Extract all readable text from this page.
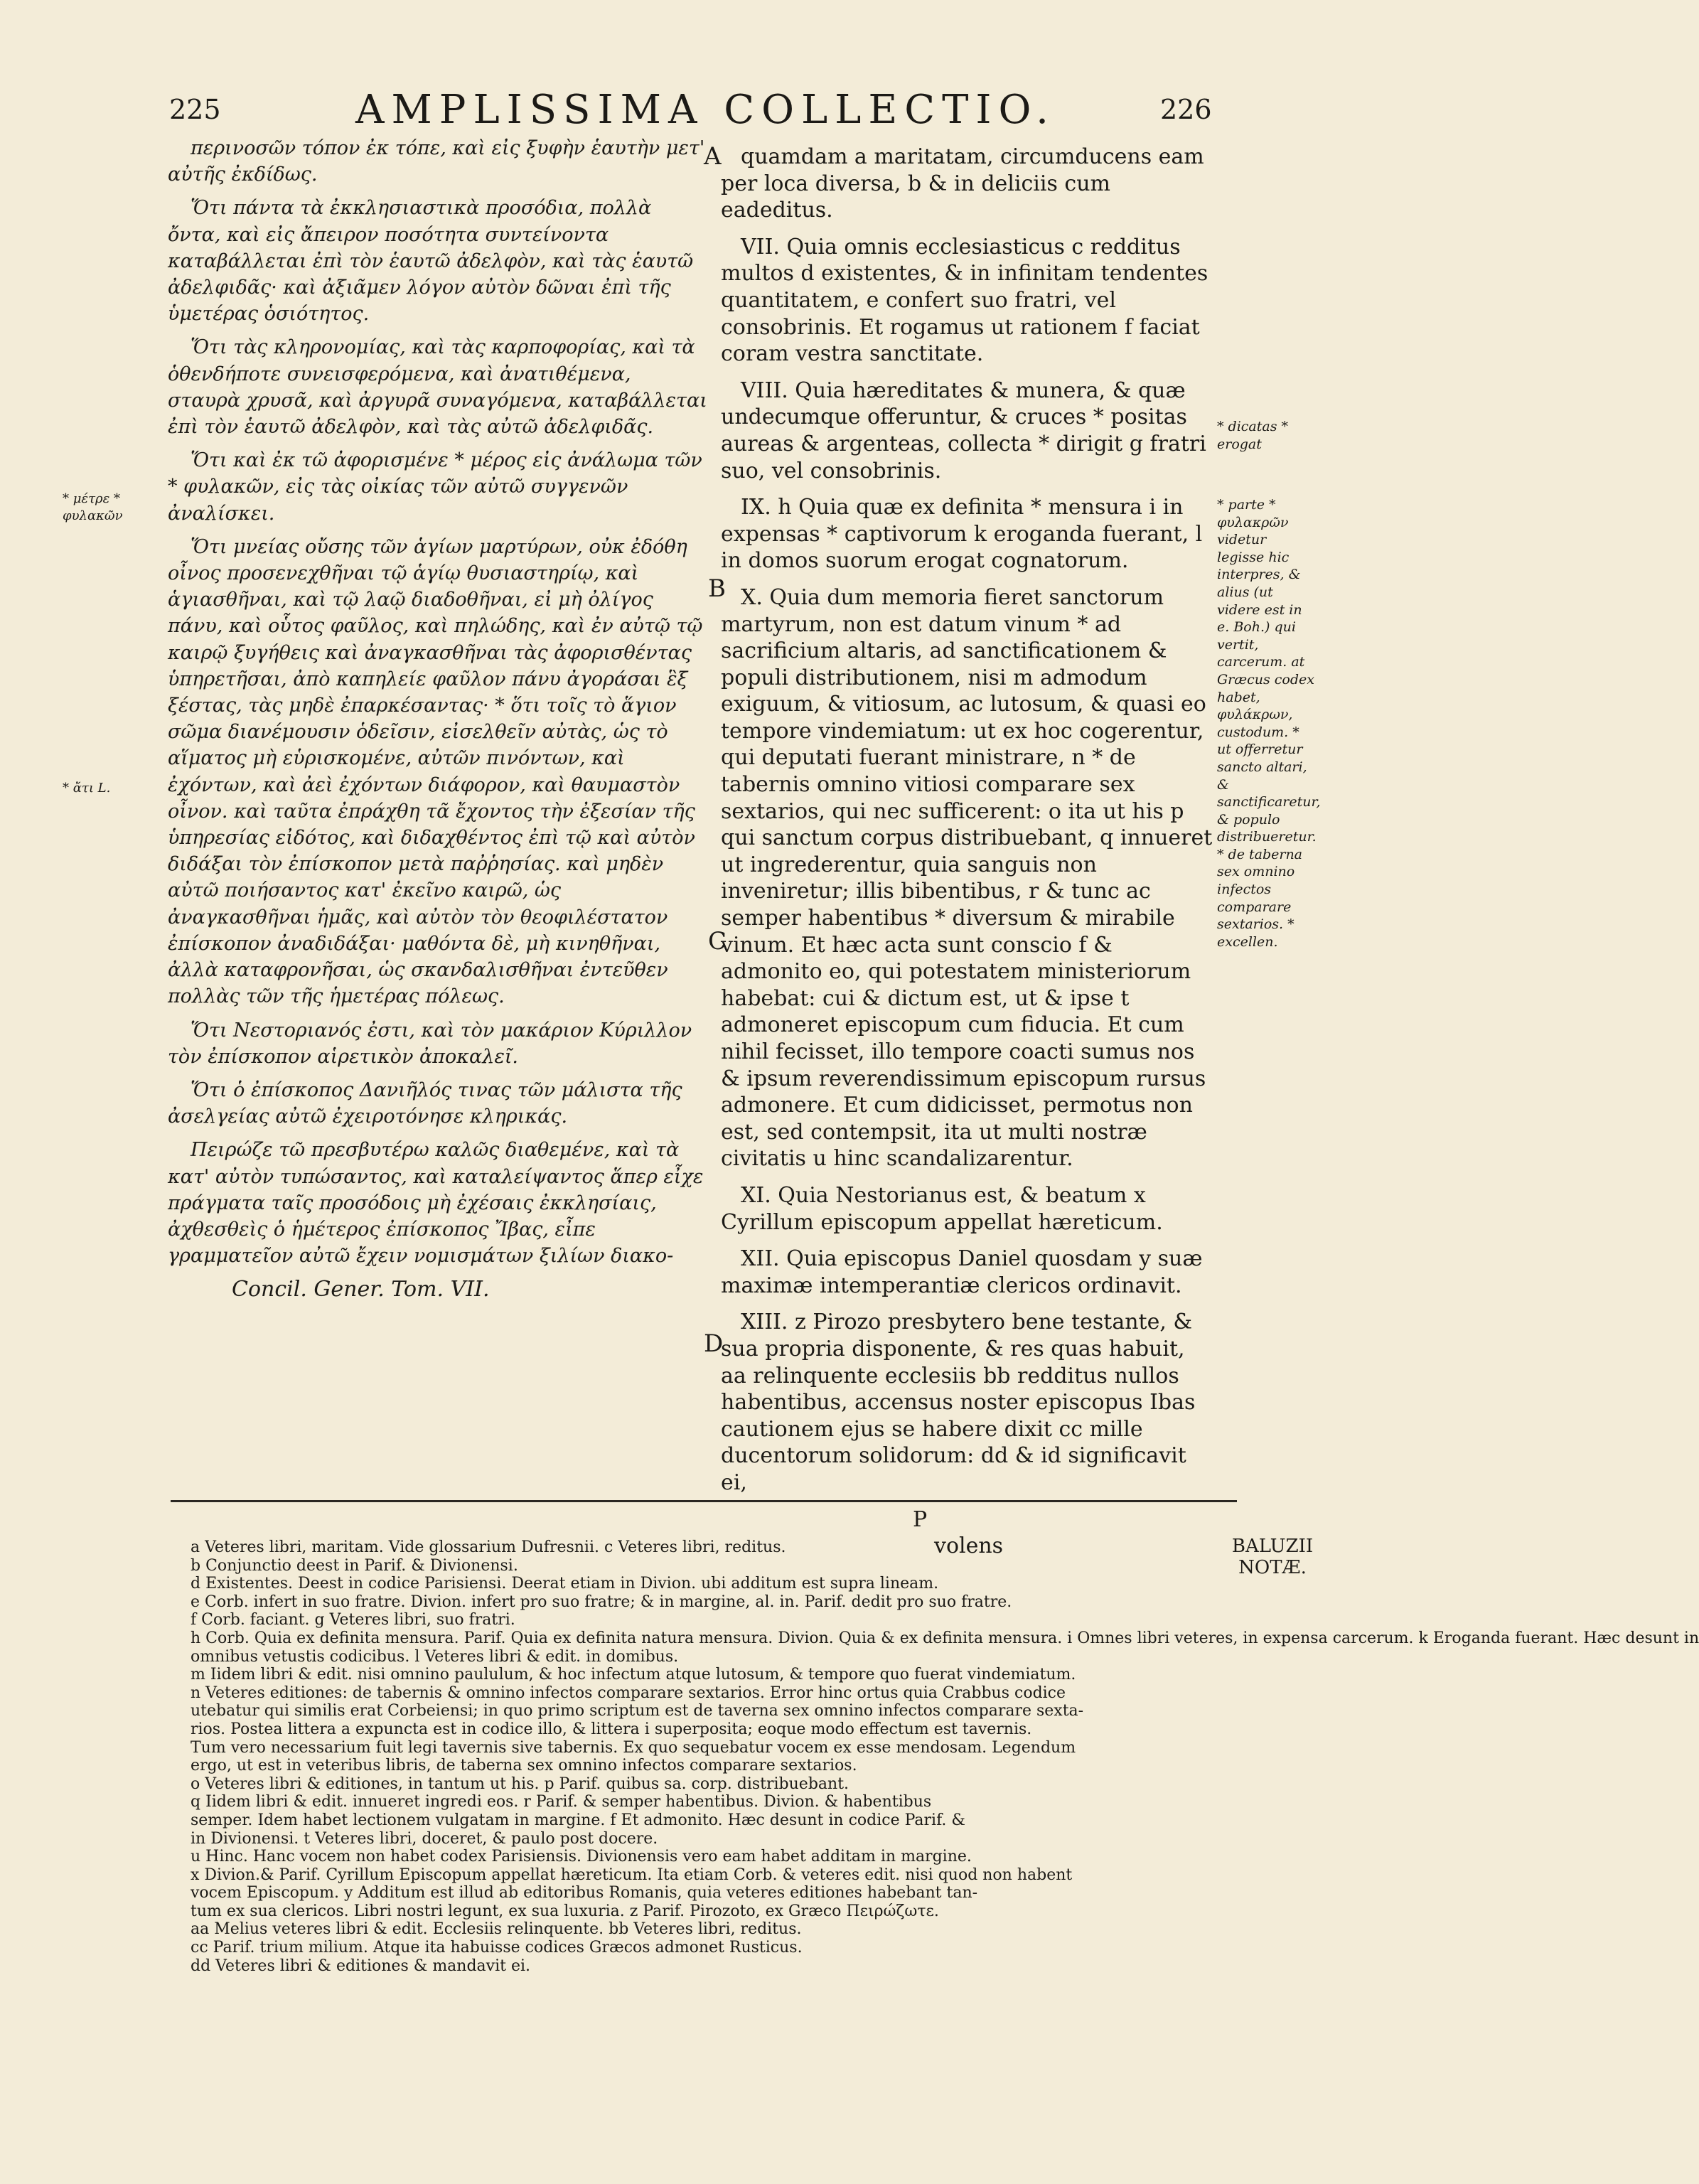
225	AMPLISSIMA COLLECTIO.	226
* μέτρε * φυλακῶν
* ἄτι L.

περινοσῶν τόπον ἐκ τόπε, καὶ εἰς ξυφὴν ἑαυτὴν μετ' αὐτῆς ἐκδίδως.

Ὅτι πάντα τὰ ἐκκλησιαστικὰ προσόδια, πολλὰ ὄντα, καὶ εἰς ἄπειρον ποσότητα συντείνοντα καταβάλλεται ἐπὶ τὸν ἑαυτῶ ἀδελφὸν, καὶ τὰς ἑαυτῶ ἀδελφιδᾶς· καὶ ἀξιᾶμεν λόγον αὐτὸν δῶναι ἐπὶ τῆς ὑμετέρας ὁσιότητος.

Ὅτι τὰς κληρονομίας, καὶ τὰς καρποφορίας, καὶ τὰ ὁθενδήποτε συνεισφερόμενα, καὶ ἀνατιθέμενα, σταυρὰ χρυσᾶ, καὶ ἀργυρᾶ συναγόμενα, καταβάλλεται ἐπὶ τὸν ἑαυτῶ ἀδελφὸν, καὶ τὰς αὐτῶ ἀδελφιδᾶς.

Ὅτι καὶ ἐκ τῶ ἀφορισμένε * μέρος εἰς ἀνάλωμα τῶν * φυλακῶν, εἰς τὰς οἰκίας τῶν αὐτῶ συγγενῶν ἀναλίσκει.

Ὅτι μνείας οὔσης τῶν ἁγίων μαρτύρων, οὐκ ἐδόθη οἶνος προσενεχθῆναι τῷ ἁγίῳ θυσιαστηρίῳ, καὶ ἁγιασθῆναι, καὶ τῷ λαῷ διαδοθῆναι, εἰ μὴ ὀλίγος πάνυ, καὶ οὗτος φαῦλος, καὶ πηλώδης, καὶ ἐν αὐτῷ τῷ καιρῷ ξυγήθεις καὶ ἀναγκασθῆναι τὰς ἀφορισθέντας ὑπηρετῆσαι, ἀπὸ καπηλείε φαῦλον πάνυ ἀγοράσαι ἓξ ξέστας, τὰς μηδὲ ἐπαρκέσαντας· * ὅτι τοῖς τὸ ἅγιον σῶμα διανέμουσιν ὁδεῖσιν, εἰσελθεῖν αὐτὰς, ὡς τὸ αἵματος μὴ εὑρισκομένε, αὐτῶν πινόντων, καὶ ἐχόντων, καὶ ἀεὶ ἐχόντων διάφορον, καὶ θαυμαστὸν οἶνον. καὶ ταῦτα ἐπράχθη τᾶ ἔχοντος τὴν ἐξεσίαν τῆς ὑπηρεσίας εἰδότος, καὶ διδαχθέντος ἐπὶ τῷ καὶ αὐτὸν διδάξαι τὸν ἐπίσκοπον μετὰ παῤῥησίας. καὶ μηδὲν αὐτῶ ποιήσαντος κατ' ἐκεῖνο καιρῶ, ὡς ἀναγκασθῆναι ἡμᾶς, καὶ αὐτὸν τὸν θεοφιλέστατον ἐπίσκοπον ἀναδιδάξαι· μαθόντα δὲ, μὴ κινηθῆναι, ἀλλὰ καταφρονῆσαι, ὡς σκανδαλισθῆναι ἐντεῦθεν πολλὰς τῶν τῆς ἡμετέρας πόλεως.

Ὅτι Νεστοριανός ἐστι, καὶ τὸν μακάριον Κύριλλον τὸν ἐπίσκοπον αἱρετικὸν ἀποκαλεῖ.

Ὅτι ὁ ἐπίσκοπος Δανιῆλός τινας τῶν μάλιστα τῆς ἀσελγείας αὐτῶ ἐχειροτόνησε κληρικάς.

Πειρώζε τῶ πρεσβυτέρω καλῶς διαθεμένε, καὶ τὰ κατ' αὐτὸν τυπώσαντος, καὶ καταλείψαντος ἅπερ εἶχε πράγματα ταῖς προσόδοις μὴ ἐχέσαις ἐκκλησίαις, ἀχθεσθεὶς ὁ ἡμέτερος ἐπίσκοπος Ἴβας, εἶπε γραμματεῖον αὐτῶ ἔχειν νομισμάτων ξιλίων διακο-

Concil. Gener. Tom. VII.
A
B
C
D

quamdam a maritatam, circumducens eam per loca diversa, b & in deliciis cum eadeditus.

VII. Quia omnis ecclesiasticus c redditus multos d existentes, & in infinitam tendentes quantitatem, e confert suo fratri, vel consobrinis. Et rogamus ut rationem f faciat coram vestra sanctitate.

VIII. Quia hæreditates & munera, & quæ undecumque offeruntur, & cruces * positas aureas & argenteas, collecta * dirigit g fratri suo, vel consobrinis.

IX. h Quia quæ ex definita * mensura i in expensas * captivorum k eroganda fuerant, l in domos suorum erogat cognatorum.

X. Quia dum memoria fieret sanctorum martyrum, non est datum vinum * ad sacrificium altaris, ad sanctificationem & populi distributionem, nisi m admodum exiguum, & vitiosum, ac lutosum, & quasi eo tempore vindemiatum: ut ex hoc cogerentur, qui deputati fuerant ministrare, n * de tabernis omnino vitiosi comparare sex sextarios, qui nec sufficerent: o ita ut his p qui sanctum corpus distribuebant, q innueret ut ingrederentur, quia sanguis non inveniretur; illis bibentibus, r & tunc ac semper habentibus * diversum & mirabile vinum. Et hæc acta sunt conscio f & admonito eo, qui potestatem ministeriorum habebat: cui & dictum est, ut & ipse t admoneret episcopum cum fiducia. Et cum nihil fecisset, illo tempore coacti sumus nos & ipsum reverendissimum episcopum rursus admonere. Et cum didicisset, permotus non est, sed contempsit, ita ut multi nostræ civitatis u hinc scandalizarentur.

XI. Quia Nestorianus est, & beatum x Cyrillum episcopum appellat hæreticum.

XII. Quia episcopus Daniel quosdam y suæ maximæ intemperantiæ clericos ordinavit.

XIII. z Pirozo presbytero bene testante, & sua propria disponente, & res quas habuit, aa relinquente ecclesiis bb redditus nullos habentibus, accensus noster episcopus Ibas cautionem ejus se habere dixit cc mille ducentorum solidorum: dd & id significavit ei,

P volens
* dicatas * erogat
* parte * φυλακρῶν videtur legisse hic interpres, & alius (ut videre est in e. Boh.) qui vertit, carcerum. at Græcus codex habet, φυλάκρων, custodum. * ut offerretur sancto altari, & sanctificaretur, & populo distribueretur. * de taberna sex omnino infectos comparare sextarios. * excellen.
BALUZII
NOTÆ.
a Veteres libri, maritam. Vide glossarium Dufresnii. c Veteres libri, reditus.
b Conjunctio deest in Parif. & Divionensi.
d Existentes. Deest in codice Parisiensi. Deerat etiam in Divion. ubi additum est supra lineam.
e Corb. infert in suo fratre. Divion. infert pro suo fratre; & in margine, al. in. Parif. dedit pro suo fratre.
f Corb. faciant. g Veteres libri, suo fratri.
h Corb. Quia ex definita mensura. Parif. Quia ex definita natura mensura. Divion. Quia & ex definita mensura. i Omnes libri veteres, in expensa carcerum. k Eroganda fuerant. Hæc desunt in
omnibus vetustis codicibus. l Veteres libri & edit. in domibus.
m Iidem libri & edit. nisi omnino paululum, & hoc infectum atque lutosum, & tempore quo fuerat vindemiatum.
n Veteres editiones: de tabernis & omnino infectos comparare sextarios. Error hinc ortus quia Crabbus codice
utebatur qui similis erat Corbeiensi; in quo primo scriptum est de taverna sex omnino infectos comparare sexta-
rios. Postea littera a expuncta est in codice illo, & littera i superposita; eoque modo effectum est tavernis.
Tum vero necessarium fuit legi tavernis sive tabernis. Ex quo sequebatur vocem ex esse mendosam. Legendum
ergo, ut est in veteribus libris, de taberna sex omnino infectos comparare sextarios.
o Veteres libri & editiones, in tantum ut his. p Parif. quibus sa. corp. distribuebant.
q Iidem libri & edit. innueret ingredi eos. r Parif. & semper habentibus. Divion. & habentibus
semper. Idem habet lectionem vulgatam in margine. f Et admonito. Hæc desunt in codice Parif. &
in Divionensi. t Veteres libri, doceret, & paulo post docere.
u Hinc. Hanc vocem non habet codex Parisiensis. Divionensis vero eam habet additam in margine.
x Divion.& Parif. Cyrillum Episcopum appellat hæreticum. Ita etiam Corb. & veteres edit. nisi quod non habent
vocem Episcopum. y Additum est illud ab editoribus Romanis, quia veteres editiones habebant tan-
tum ex sua clericos. Libri nostri legunt, ex sua luxuria. z Parif. Pirozoto, ex Græco Πειρώζωτε.
aa Melius veteres libri & edit. Ecclesiis relinquente. bb Veteres libri, reditus.
cc Parif. trium milium. Atque ita habuisse codices Græcos admonet Rusticus.
dd Veteres libri & editiones & mandavit ei.
